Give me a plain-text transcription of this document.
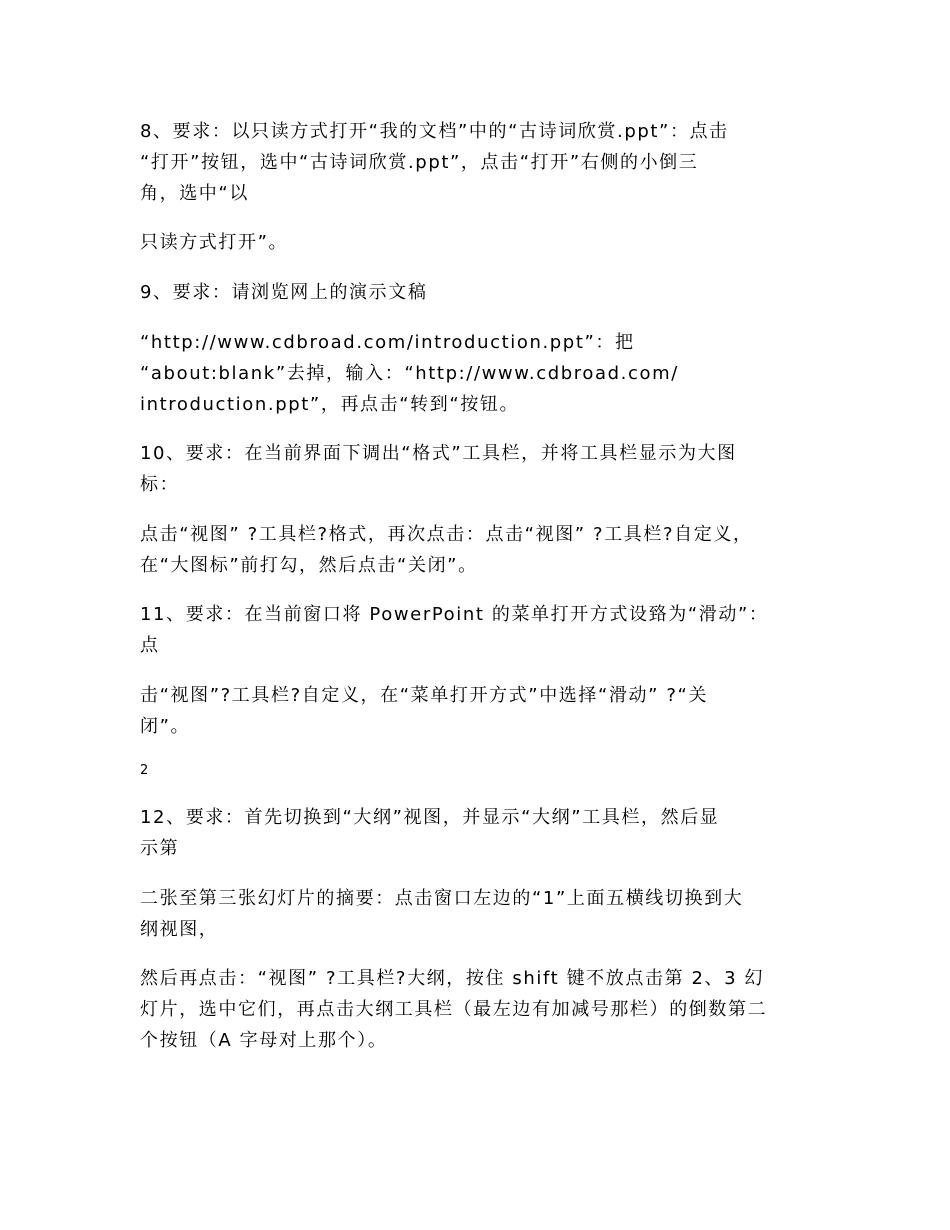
8、要求：以只读方式打开“我的文档”中的“古诗词欣赏.ppt”：点击
“打开”按钮，选中“古诗词欣赏.ppt”，点击“打开”右侧的小倒三
角，选中“以

只读方式打开”。

9、要求：请浏览网上的演示文稿

“http://www.cdbroad.com/introduction.ppt”：把
“about:blank”去掉，输入：“http://www.cdbroad.com/
introduction.ppt”，再点击“转到“按钮。

10、要求：在当前界面下调出“格式”工具栏，并将工具栏显示为大图
标：

点击“视图” ?工具栏?格式，再次点击：点击“视图” ?工具栏?自定义，
在“大图标”前打勾，然后点击“关闭”。

11、要求：在当前窗口将 PowerPoint 的菜单打开方式设臵为“滑动”：
点

击“视图”?工具栏?自定义，在“菜单打开方式”中选择“滑动” ?“关
闭”。

2

12、要求：首先切换到“大纲”视图，并显示“大纲”工具栏，然后显
示第

二张至第三张幻灯片的摘要：点击窗口左边的“1”上面五横线切换到大
纲视图，

然后再点击：“视图” ?工具栏?大纲，按住 shift 键不放点击第 2、3 幻
灯片，选中它们，再点击大纲工具栏（最左边有加减号那栏）的倒数第二
个按钮（A 字母对上那个）。
